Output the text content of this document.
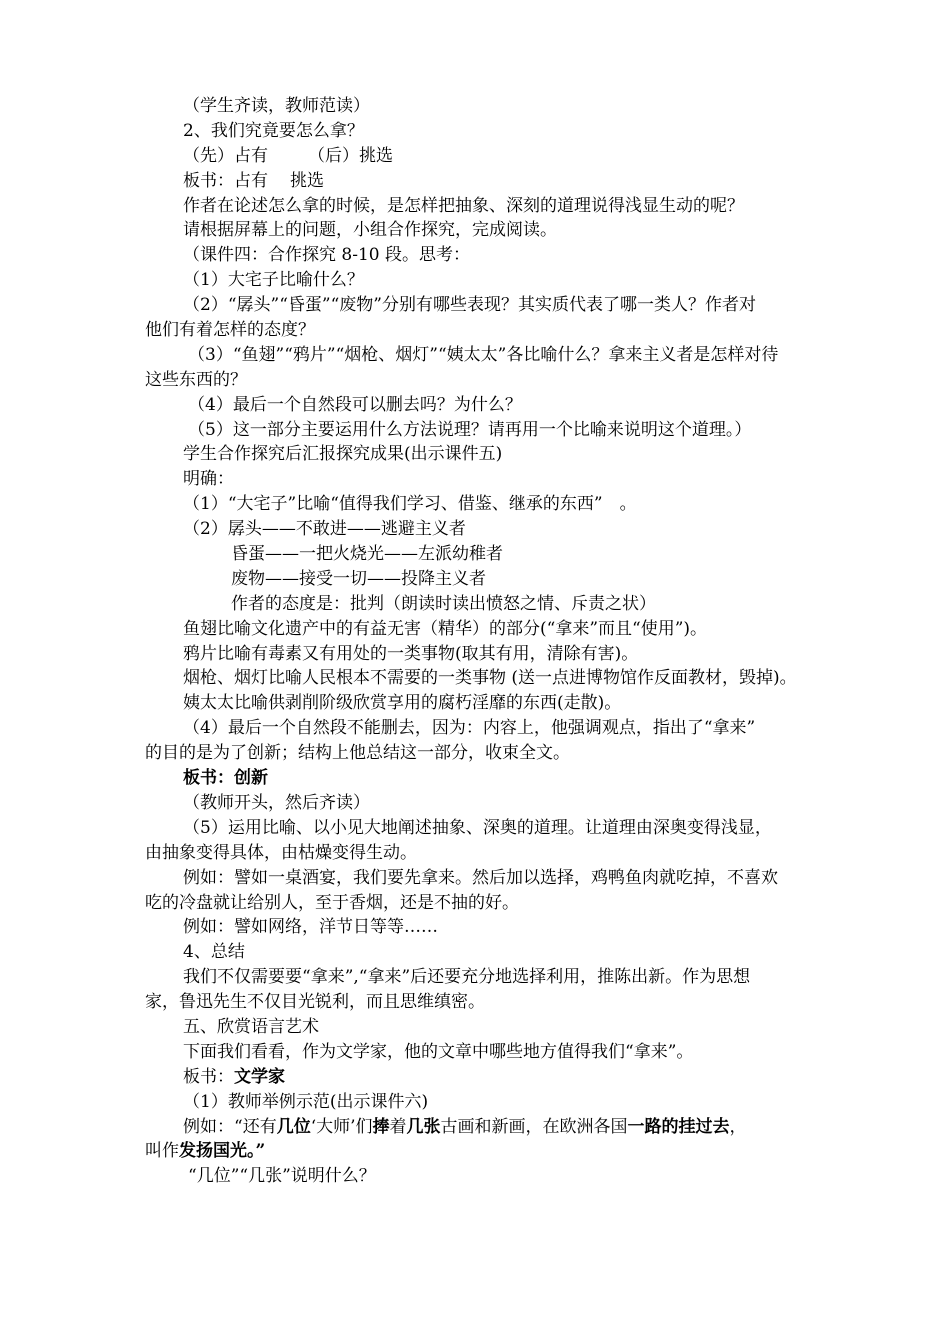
（学生齐读，教师范读）
2、我们究竟要怎么拿？
（先）占有 （后）挑选
板书：占有 挑选
作者在论述怎么拿的时候，是怎样把抽象、深刻的道理说得浅显生动的呢？
请根据屏幕上的问题，小组合作探究，完成阅读。
（课件四：合作探究 8-10 段。思考：
（1）大宅子比喻什么？
（2）“孱头”“昏蛋”“废物”分别有哪些表现？其实质代表了哪一类人？作者对
他们有着怎样的态度？
（3）“鱼翅”“鸦片”“烟枪、烟灯”“姨太太”各比喻什么？拿来主义者是怎样对待
这些东西的？
（4）最后一个自然段可以删去吗？为什么？
（5）这一部分主要运用什么方法说理？请再用一个比喻来说明这个道理。）
学生合作探究后汇报探究成果(出示课件五)
明确：
（1）“大宅子”比喻“值得我们学习、借鉴、继承的东西”　。
（2）孱头——不敢进——逃避主义者
昏蛋——一把火烧光——左派幼稚者
废物——接受一切——投降主义者
作者的态度是：批判（朗读时读出愤怒之情、斥责之状）
鱼翅比喻文化遗产中的有益无害（精华）的部分(“拿来”而且“使用”)。
鸦片比喻有毒素又有用处的一类事物(取其有用，清除有害)。
烟枪、烟灯比喻人民根本不需要的一类事物 (送一点进博物馆作反面教材，毁掉)。
姨太太比喻供剥削阶级欣赏享用的腐朽淫靡的东西(走散)。
（4）最后一个自然段不能删去，因为：内容上，他强调观点，指出了“拿来”
的目的是为了创新；结构上他总结这一部分，收束全文。
板书：创新
（教师开头，然后齐读）
（5）运用比喻、以小见大地阐述抽象、深奥的道理。让道理由深奥变得浅显，
由抽象变得具体，由枯燥变得生动。
例如：譬如一桌酒宴，我们要先拿来。然后加以选择，鸡鸭鱼肉就吃掉，不喜欢
吃的冷盘就让给别人，至于香烟，还是不抽的好。
例如：譬如网络，洋节日等等……
4、总结
我们不仅需要要“拿来”,“拿来”后还要充分地选择利用，推陈出新。作为思想
家，鲁迅先生不仅目光锐利，而且思维缜密。
五、欣赏语言艺术
下面我们看看，作为文学家，他的文章中哪些地方值得我们“拿来”。
板书：文学家
（1）教师举例示范(出示课件六)
例如：“还有几位‘大师’们捧着几张古画和新画，在欧洲各国一路的挂过去，
叫作发扬国光。”
“几位”“几张”说明什么？
